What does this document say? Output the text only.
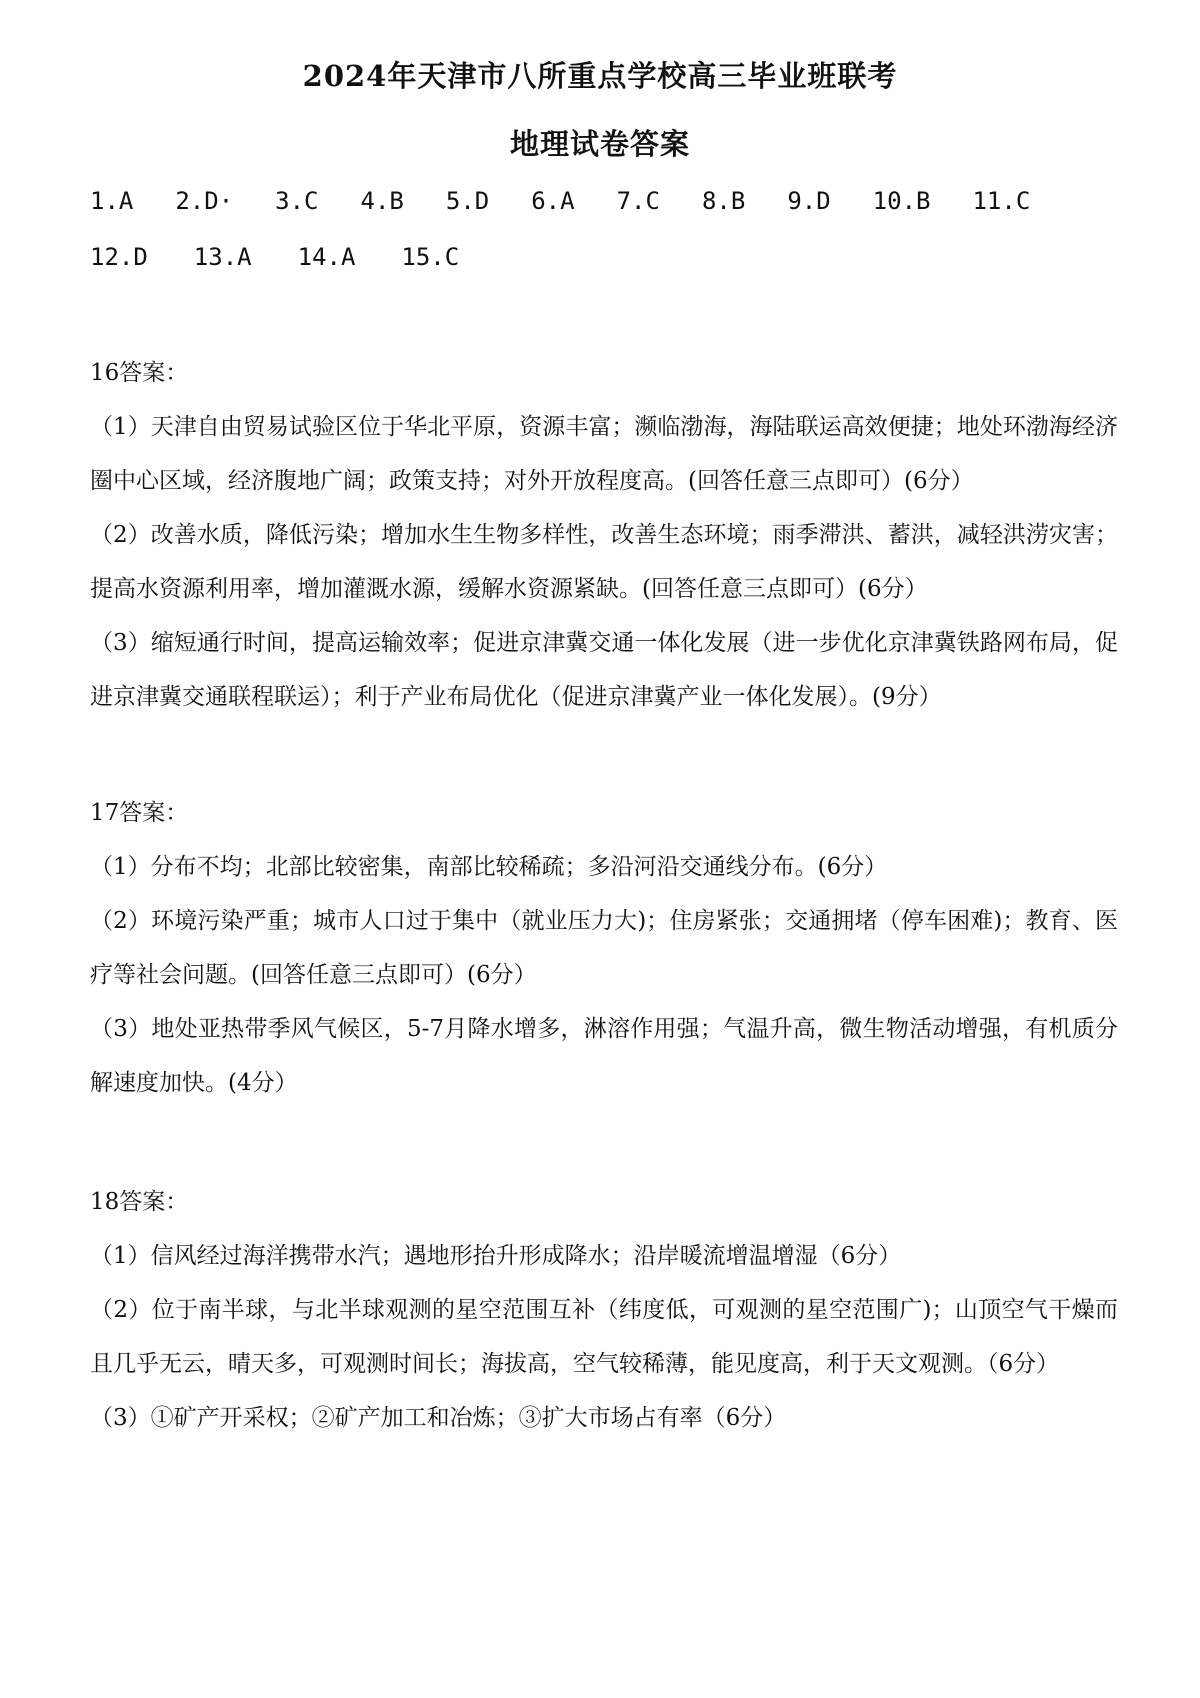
2024年天津市八所重点学校高三毕业班联考
地理试卷答案
1.A 2.D· 3.C 4.B 5.D 6.A 7.C 8.B 9.D 10.B 11.C
12.D 13.A 14.A 15.C

16答案：

（1）天津自由贸易试验区位于华北平原，资源丰富；濒临渤海，海陆联运高效便捷；地处环渤海经济圈中心区域，经济腹地广阔；政策支持；对外开放程度高。(回答任意三点即可）(6分）

（2）改善水质，降低污染；增加水生生物多样性，改善生态环境；雨季滞洪、蓄洪，减轻洪涝灾害；提高水资源利用率，增加灌溉水源，缓解水资源紧缺。(回答任意三点即可）(6分）

（3）缩短通行时间，提高运输效率；促进京津冀交通一体化发展（进一步优化京津冀铁路网布局，促进京津冀交通联程联运）；利于产业布局优化（促进京津冀产业一体化发展）。(9分）

17答案：

（1）分布不均；北部比较密集，南部比较稀疏；多沿河沿交通线分布。(6分）

（2）环境污染严重；城市人口过于集中（就业压力大)；住房紧张；交通拥堵（停车困难)；教育、医疗等社会问题。(回答任意三点即可）(6分）

（3）地处亚热带季风气候区，5-7月降水增多，淋溶作用强；气温升高，微生物活动增强，有机质分解速度加快。(4分）

18答案：

（1）信风经过海洋携带水汽；遇地形抬升形成降水；沿岸暖流增温增湿（6分）

（2）位于南半球，与北半球观测的星空范围互补（纬度低，可观测的星空范围广)；山顶空气干燥而且几乎无云，晴天多，可观测时间长；海拔高，空气较稀薄，能见度高，利于天文观测。（6分）

（3）①矿产开采权；②矿产加工和冶炼；③扩大市场占有率（6分）
